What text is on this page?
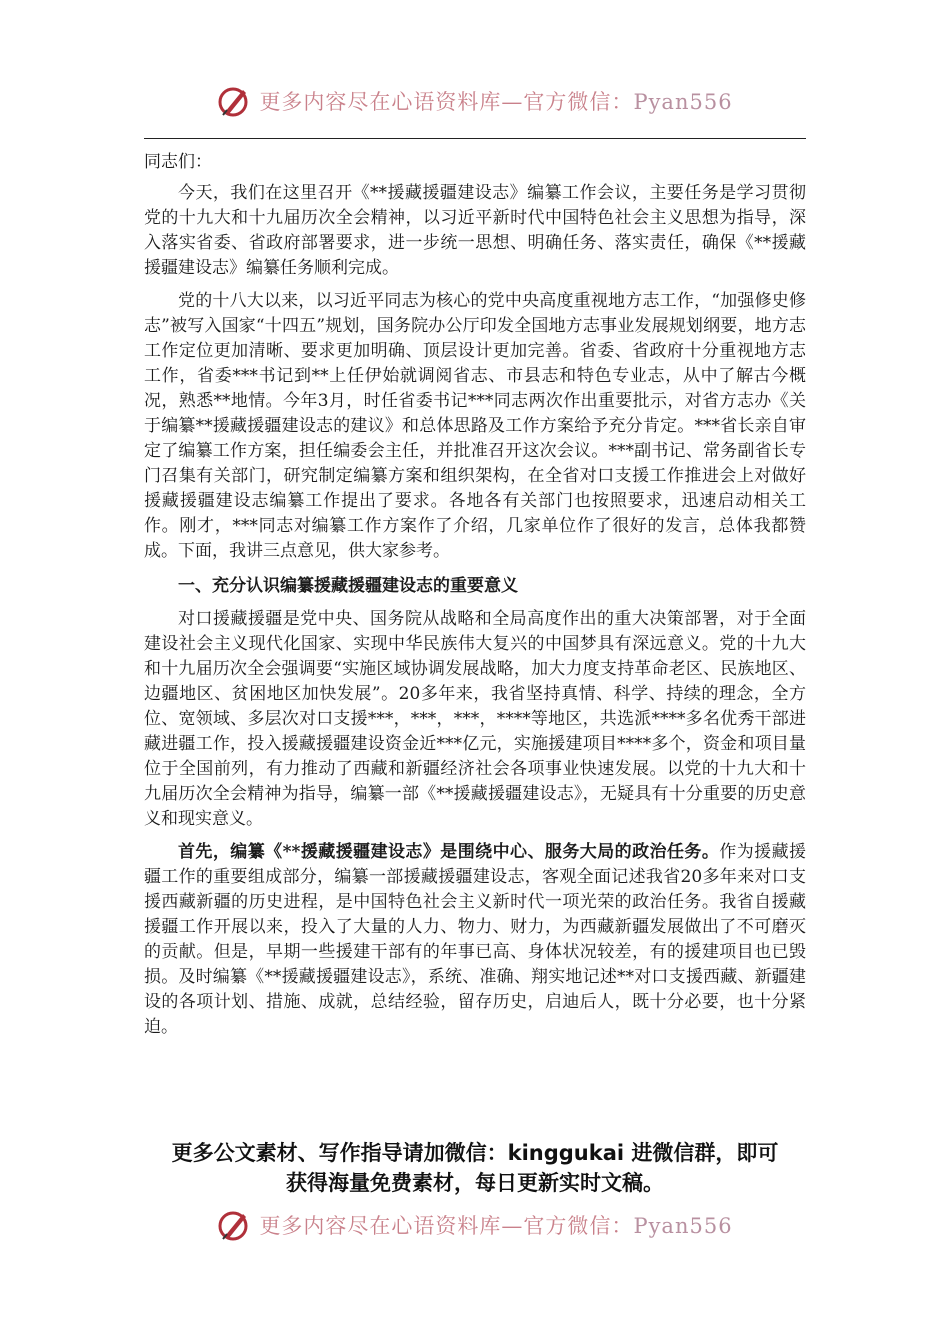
更多内容尽在心语资料库—官方微信：Pyan556

同志们：

今天，我们在这里召开《**援藏援疆建设志》编纂工作会议，主要任务是学习贯彻党的十九大和十九届历次全会精神，以习近平新时代中国特色社会主义思想为指导，深入落实省委、省政府部署要求，进一步统一思想、明确任务、落实责任，确保《**援藏援疆建设志》编纂任务顺利完成。

党的十八大以来，以习近平同志为核心的党中央高度重视地方志工作，“加强修史修志”被写入国家“十四五”规划，国务院办公厅印发全国地方志事业发展规划纲要，地方志工作定位更加清晰、要求更加明确、顶层设计更加完善。省委、省政府十分重视地方志工作，省委***书记到**上任伊始就调阅省志、市县志和特色专业志，从中了解古今概况，熟悉**地情。今年3月，时任省委书记***同志两次作出重要批示，对省方志办《关于编纂**援藏援疆建设志的建议》和总体思路及工作方案给予充分肯定。***省长亲自审定了编纂工作方案，担任编委会主任，并批准召开这次会议。***副书记、常务副省长专门召集有关部门，研究制定编纂方案和组织架构，在全省对口支援工作推进会上对做好援藏援疆建设志编纂工作提出了要求。各地各有关部门也按照要求，迅速启动相关工作。刚才，***同志对编纂工作方案作了介绍，几家单位作了很好的发言，总体我都赞成。下面，我讲三点意见，供大家参考。

一、充分认识编纂援藏援疆建设志的重要意义

对口援藏援疆是党中央、国务院从战略和全局高度作出的重大决策部署，对于全面建设社会主义现代化国家、实现中华民族伟大复兴的中国梦具有深远意义。党的十九大和十九届历次全会强调要“实施区域协调发展战略，加大力度支持革命老区、民族地区、边疆地区、贫困地区加快发展”。20多年来，我省坚持真情、科学、持续的理念，全方位、宽领域、多层次对口支援***，***，***，****等地区，共选派****多名优秀干部进藏进疆工作，投入援藏援疆建设资金近***亿元，实施援建项目****多个，资金和项目量位于全国前列，有力推动了西藏和新疆经济社会各项事业快速发展。以党的十九大和十九届历次全会精神为指导，编纂一部《**援藏援疆建设志》，无疑具有十分重要的历史意义和现实意义。

首先，编纂《**援藏援疆建设志》是围绕中心、服务大局的政治任务。作为援藏援疆工作的重要组成部分，编纂一部援藏援疆建设志，客观全面记述我省20多年来对口支援西藏新疆的历史进程，是中国特色社会主义新时代一项光荣的政治任务。我省自援藏援疆工作开展以来，投入了大量的人力、物力、财力，为西藏新疆发展做出了不可磨灭的贡献。但是，早期一些援建干部有的年事已高、身体状况较差，有的援建项目也已毁损。及时编纂《**援藏援疆建设志》，系统、准确、翔实地记述**对口支援西藏、新疆建设的各项计划、措施、成就，总结经验，留存历史，启迪后人，既十分必要，也十分紧迫。

更多公文素材、写作指导请加微信：kinggukai 进微信群，即可
获得海量免费素材，每日更新实时文稿。
更多内容尽在心语资料库—官方微信：Pyan556
